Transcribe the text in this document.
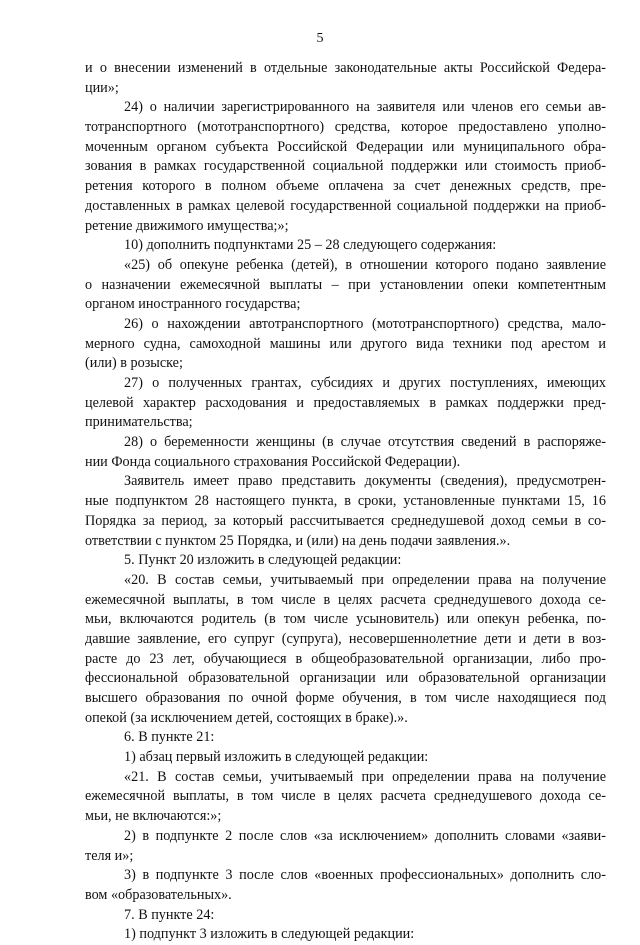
5
и о внесении изменений в отдельные законодательные акты Российской Федера-
ции»;
24) о наличии зарегистрированного на заявителя или членов его семьи ав-
тотранспортного (мототранспортного) средства, которое предоставлено уполно-
моченным органом субъекта Российской Федерации или муниципального обра-
зования в рамках государственной социальной поддержки или стоимость приоб-
ретения которого в полном объеме оплачена за счет денежных средств, пре-
доставленных в рамках целевой государственной социальной поддержки на приоб-
ретение движимого имущества;»;
10) дополнить подпунктами 25 – 28 следующего содержания:
«25) об опекуне ребенка (детей), в отношении которого подано заявление
о назначении ежемесячной выплаты – при установлении опеки компетентным
органом иностранного государства;
26) о нахождении автотранспортного (мототранспортного) средства, мало-
мерного судна, самоходной машины или другого вида техники под арестом и
(или) в розыске;
27) о полученных грантах, субсидиях и других поступлениях, имеющих
целевой характер расходования и предоставляемых в рамках поддержки пред-
принимательства;
28) о беременности женщины (в случае отсутствия сведений в распоряже-
нии Фонда социального страхования Российской Федерации).
Заявитель имеет право представить документы (сведения), предусмотрен-
ные подпунктом 28 настоящего пункта, в сроки, установленные пунктами 15, 16
Порядка за период, за который рассчитывается среднедушевой доход семьи в со-
ответствии с пунктом 25 Порядка, и (или) на день подачи заявления.».
5. Пункт 20 изложить в следующей редакции:
«20. В состав семьи, учитываемый при определении права на получение
ежемесячной выплаты, в том числе в целях расчета среднедушевого дохода се-
мьи, включаются родитель (в том числе усыновитель) или опекун ребенка, по-
давшие заявление, его супруг (супруга), несовершеннолетние дети и дети в воз-
расте до 23 лет, обучающиеся в общеобразовательной организации, либо про-
фессиональной образовательной организации или образовательной организации
высшего образования по очной форме обучения, в том числе находящиеся под
опекой (за исключением детей, состоящих в браке).».
6. В пункте 21:
1) абзац первый изложить в следующей редакции:
«21. В состав семьи, учитываемый при определении права на получение
ежемесячной выплаты, в том числе в целях расчета среднедушевого дохода се-
мьи, не включаются:»;
2) в подпункте 2 после слов «за исключением» дополнить словами «заяви-
теля и»;
3) в подпункте 3 после слов «военных профессиональных» дополнить сло-
вом «образовательных».
7. В пункте 24:
1) подпункт 3 изложить в следующей редакции:
